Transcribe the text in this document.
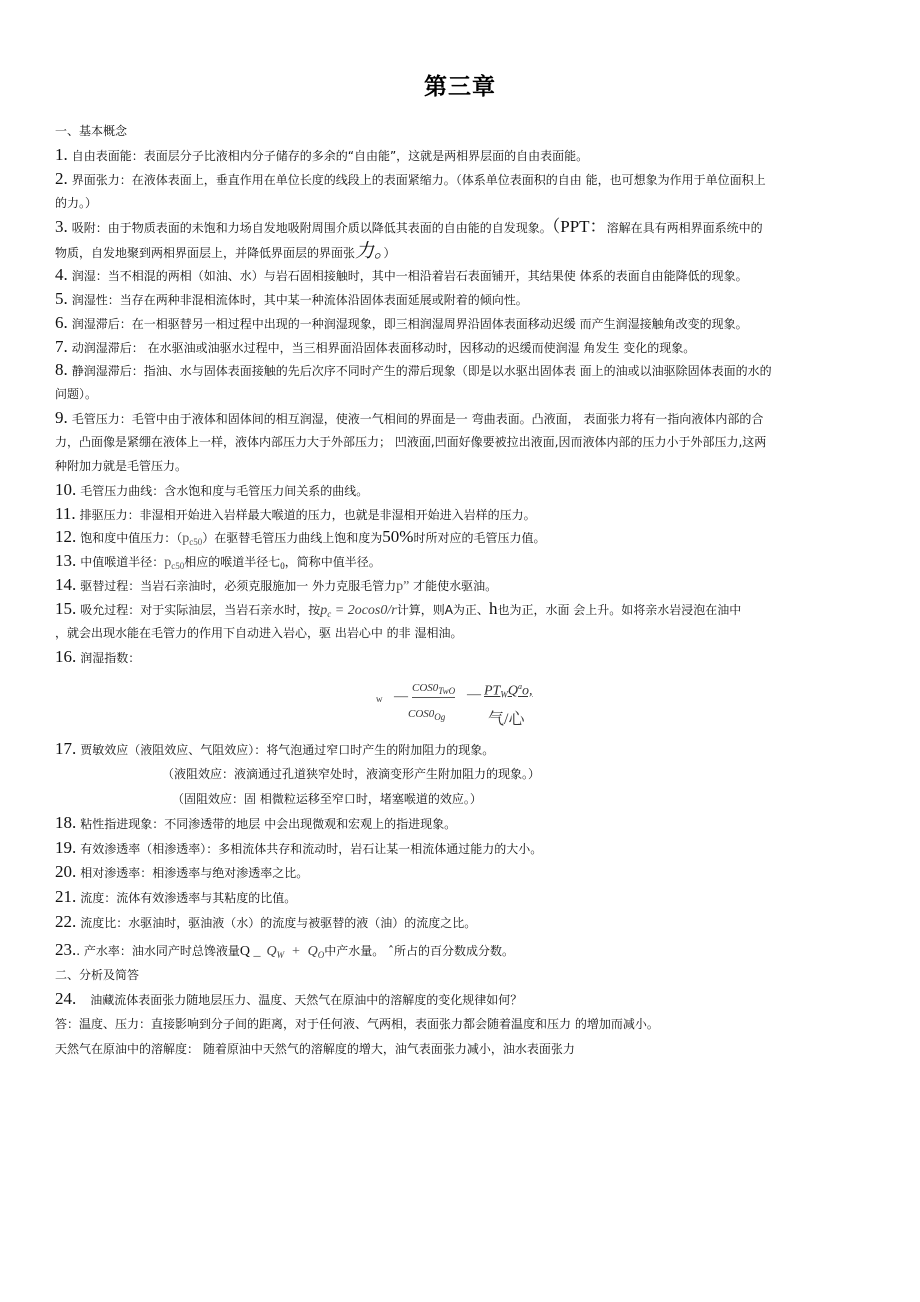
第三章
一、基本概念
1. 自由表面能：表面层分子比液相内分子储存的多余的“自由能”，这就是两相界层面的自由表面能。
2. 界面张力：在液体表面上，垂直作用在单位长度的线段上的表面紧缩力。（体系单位表面积的自由 能，也可想象为作用于单位面积上
的力。）
3. 吸附：由于物质表面的未饱和力场自发地吸附周围介质以降低其表面的自由能的自发现象。（PPT：溶解在具有两相界面系统中的
物质，自发地聚到两相界面层上，并降低界面层的界面张力。）
4. 润湿：当不相混的两相（如油、水）与岩石固相接触时，其中一相沿着岩石表面铺开，其结果使 体系的表面自由能降低的现象。
5. 润湿性：当存在两种非混相流体时，其中某一种流体沿固体表面延展或附着的倾向性。
6. 润湿滞后：在一相驱替另一相过程中出现的一种润湿现象，即三相润湿周界沿固体表面移动迟缓 而产生润湿接触角改变的现象。
7. 动润湿滞后： 在水驱油或油驱水过程中，当三相界面沿固体表面移动时，因移动的迟缓而使润湿 角发生 变化的现象。
8. 静润湿滞后：指油、水与固体表面接触的先后次序不同时产生的滞后现象（即是以水驱出固体表 面上的油或以油驱除固体表面的水的
问题）。
9. 毛管压力：毛管中由于液体和固体间的相互润湿，使液一气相间的界面是一 弯曲表面。凸液面， 表面张力将有一指向液体内部的合
力，凸面像是紧绷在液体上一样，液体内部压力大于外部压力； 凹液面,凹面好像要被拉出液面,因而液体内部的压力小于外部压力,这两
种附加力就是毛管压力。
10. 毛管压力曲线：含水饱和度与毛管压力间关系的曲线。
11. 排驱压力：非湿相开始进入岩样最大喉道的压力，也就是非湿相开始进入岩样的压力。
12. 饱和度中值压力：$(p_{c50})$在驱替毛管压力曲线上饱和度为50%时所对应的毛管压力值。
13. 中值喉道半径：$p_{c50}$相应的喉道半径七$_0$，简称中值半径。
14. 驱替过程：当岩石亲油时，必须克服施加一 外力克服毛管力p” 才能使水驱油。
15. 吸允过程：对于实际油层，当岩石亲水时，按$p_c = 2ocos0/r$计算，则A为正、h也为正，水面 会上升。如将亲水岩浸泡在油中
，就会出现水能在毛管力的作用下自动进入岩心，驱 出岩心中 的非 湿相油。
16. 润湿指数：
w —
$COS0_{TwO}$
$COS0_{Og}$
— $PT_WQ^ao$,
气/心
17. 贾敏效应（液阻效应、气阻效应）：将气泡通过窄口时产生的附加阻力的现象。
（液阻效应：液滴通过孔道狭窄处时，液滴变形产生附加阻力的现象。）
（固阻效应：固 相微粒运移至窄口时，堵塞喉道的效应。）
18. 粘性指进现象：不同渗透带的地层 中会出现微观和宏观上的指进现象。
19. 有效渗透率（相渗透率）：多相流体共存和流动时，岩石让某一相流体通过能力的大小。
20. 相对渗透率：相渗透率与绝对渗透率之比。
21. 流度：流体有效渗透率与其粘度的比值。
22. 流度比：水驱油时，驱油液（水）的流度与被驱替的液（油）的流度之比。
23.. 产水率：油水同产时总馋液量Q _ $Q_W + Q_O$中产水量。 ˆ所占的百分数成分数。
二、分析及简答
24. 油藏流体表面张力随地层压力、温度、天然气在原油中的溶解度的变化规律如何？
答：温度、压力：直接影响到分子间的距离，对于任何液、气两相，表面张力都会随着温度和压力 的增加而减小。
天然气在原油中的溶解度： 随着原油中天然气的溶解度的增大，油气表面张力减小，油水表面张力
